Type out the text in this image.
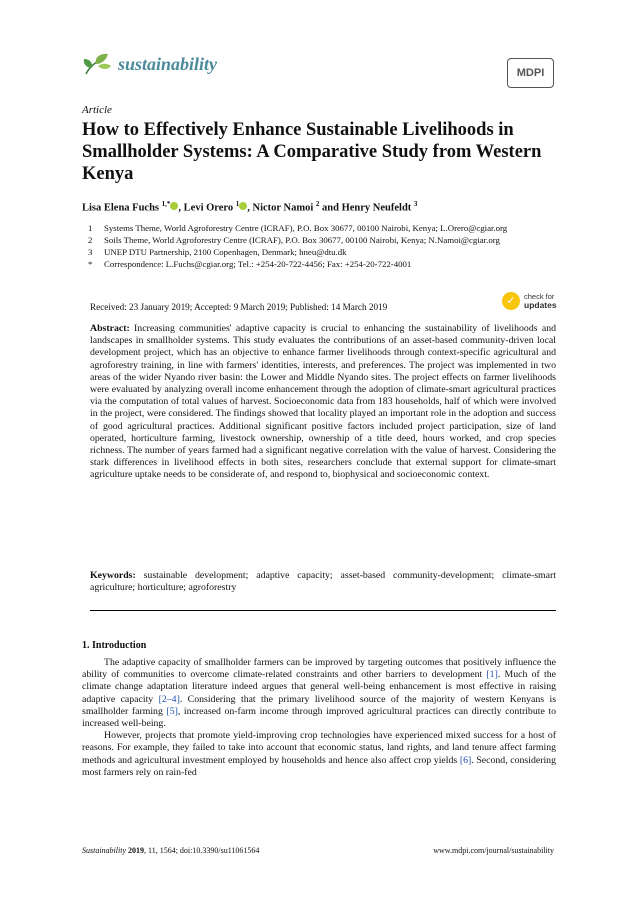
sustainability	MDPI
Article
How to Effectively Enhance Sustainable Livelihoods in Smallholder Systems: A Comparative Study from Western Kenya
Lisa Elena Fuchs $^{1,*}$ , Levi Orero $^1$ , Nictor Namoi $^2$ and Henry Neufeldt $^3$
1	Systems Theme, World Agroforestry Centre (ICRAF), P.O. Box 30677, 00100 Nairobi, Kenya; L.Orero@cgiar.org
2	Soils Theme, World Agroforestry Centre (ICRAF), P.O. Box 30677, 00100 Nairobi, Kenya; N.Namoi@cgiar.org
3	UNEP DTU Partnership, 2100 Copenhagen, Denmark; hneu@dtu.dk
*	Correspondence: L.Fuchs@cgiar.org; Tel.: +254-20-722-4456; Fax: +254-20-722-4001
Received: 23 January 2019; Accepted: 9 March 2019; Published: 14 March 2019	✓	check for
updates
Abstract: Increasing communities' adaptive capacity is crucial to enhancing the sustainability of livelihoods and landscapes in smallholder systems. This study evaluates the contributions of an asset-based community-driven local development project, which has an objective to enhance farmer livelihoods through context-specific agricultural and agroforestry training, in line with farmers' identities, interests, and preferences. The project was implemented in two areas of the wider Nyando river basin: the Lower and Middle Nyando sites. The project effects on farmer livelihoods were evaluated by analyzing overall income enhancement through the adoption of climate-smart agricultural practices via the computation of total values of harvest. Socioeconomic data from 183 households, half of which were involved in the project, were considered. The findings showed that locality played an important role in the adoption and success of good agricultural practices. Additional significant positive factors included project participation, size of land operated, horticulture farming, livestock ownership, ownership of a title deed, hours worked, and crop species richness. The number of years farmed had a significant negative correlation with the value of harvest. Considering the stark differences in livelihood effects in both sites, researchers conclude that external support for climate-smart agriculture uptake needs to be considerate of, and respond to, biophysical and socioeconomic context.
Keywords: sustainable development; adaptive capacity; asset-based community-development; climate-smart agriculture; horticulture; agroforestry
1. Introduction

The adaptive capacity of smallholder farmers can be improved by targeting outcomes that positively influence the ability of communities to overcome climate-related constraints and other barriers to development [1]. Much of the climate change adaptation literature indeed argues that general well-being enhancement is most effective in raising adaptive capacity [2–4]. Considering that the primary livelihood source of the majority of western Kenyans is smallholder farming [5], increased on-farm income through improved agricultural practices can directly contribute to increased well-being.

However, projects that promote yield-improving crop technologies have experienced mixed success for a host of reasons. For example, they failed to take into account that economic status, land rights, and land tenure affect farming methods and agricultural investment employed by households and hence also affect crop yields [6]. Second, considering most farmers rely on rain-fed

Sustainability 2019, 11, 1564; doi:10.3390/su11061564	www.mdpi.com/journal/sustainability
